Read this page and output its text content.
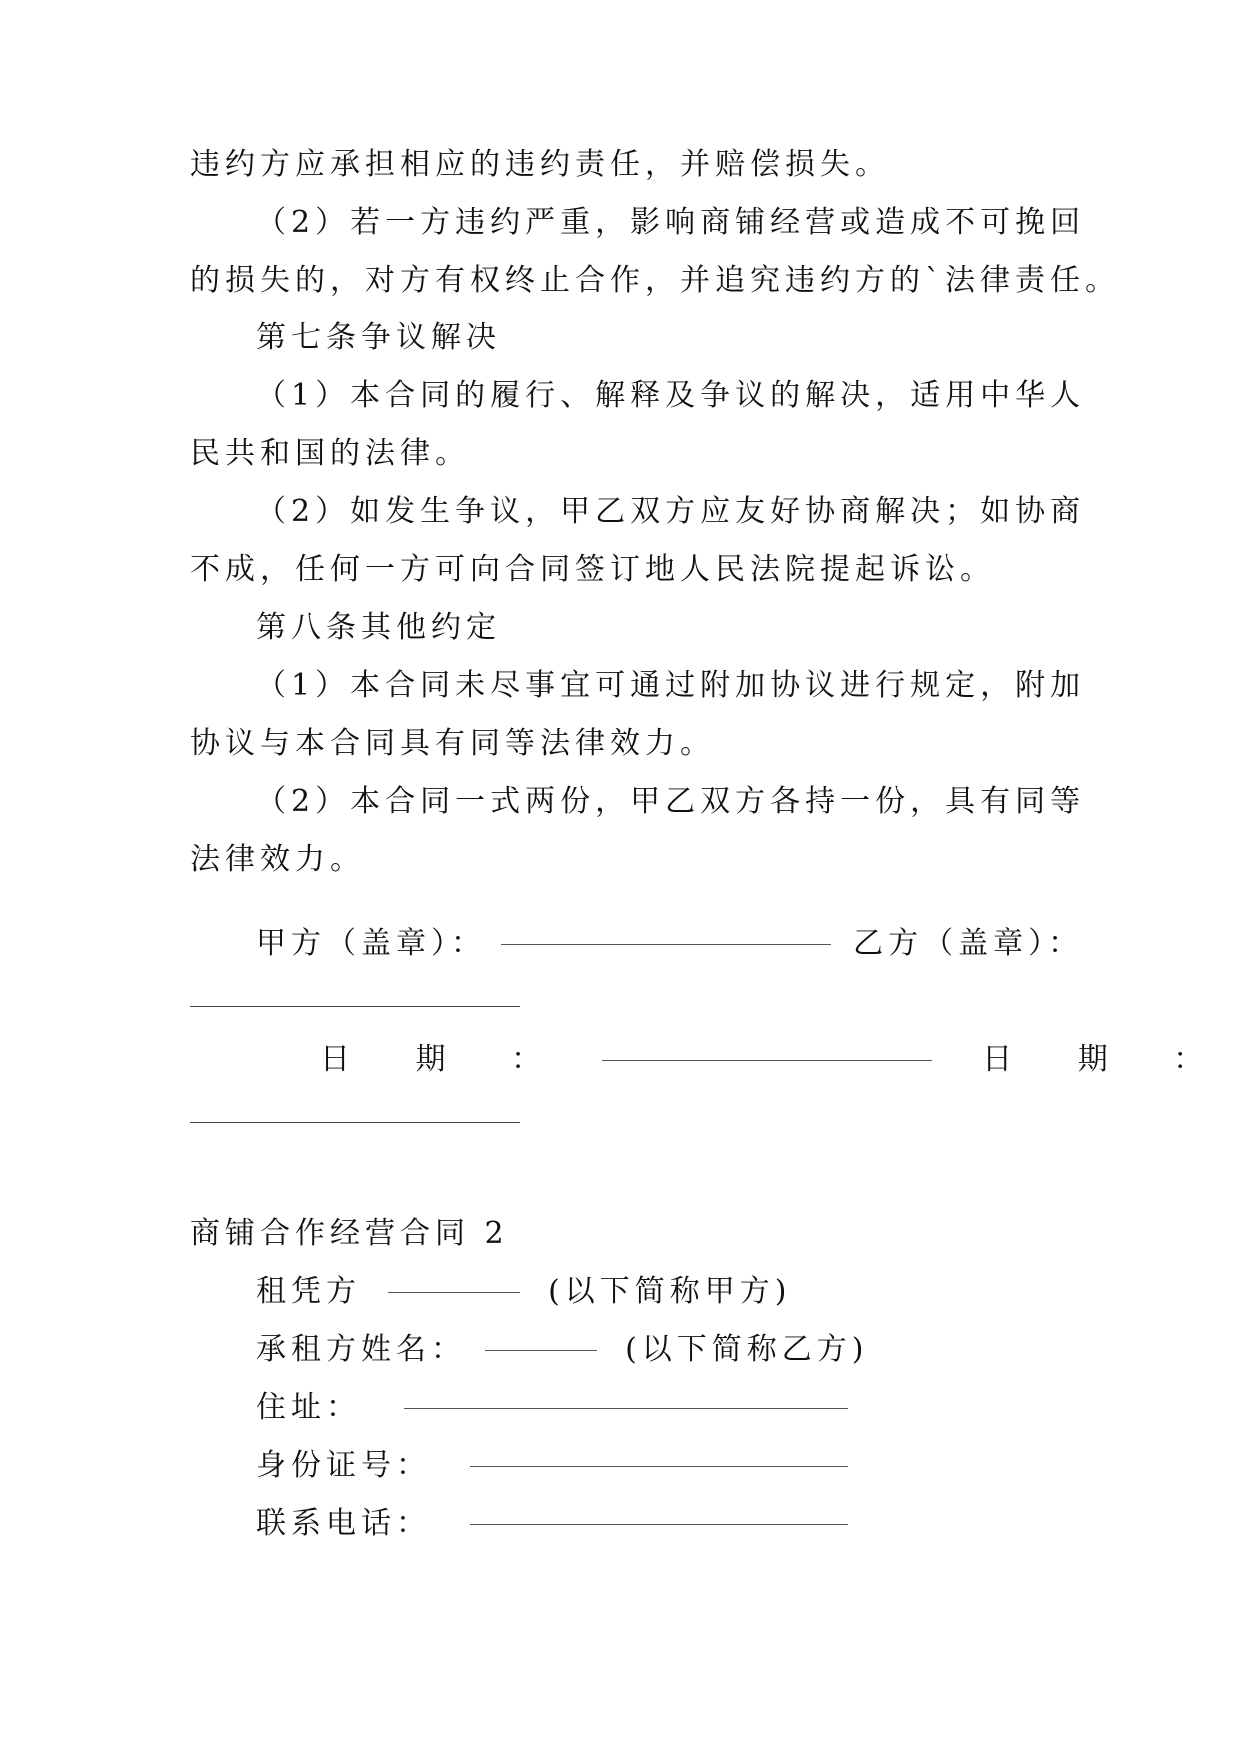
违约方应承担相应的违约责任，并赔偿损失。
（2）若一方违约严重，影响商铺经营或造成不可挽回
的损失的，对方有权终止合作，并追究违约方的`法律责任。
第七条争议解决
（1）本合同的履行、解释及争议的解决，适用中华人
民共和国的法律。
（2）如发生争议，甲乙双方应友好协商解决；如协商
不成，任何一方可向合同签订地人民法院提起诉讼。
第八条其他约定
（1）本合同未尽事宜可通过附加协议进行规定，附加
协议与本合同具有同等法律效力。
（2）本合同一式两份，甲乙双方各持一份，具有同等
法律效力。
甲方（盖章）：	乙方（盖章）：
日 期 ：	日 期 ：
商铺合作经营合同 2
租凭方	(以下简称甲方)
承租方姓名：	(以下简称乙方)
住址：
身份证号：
联系电话：
